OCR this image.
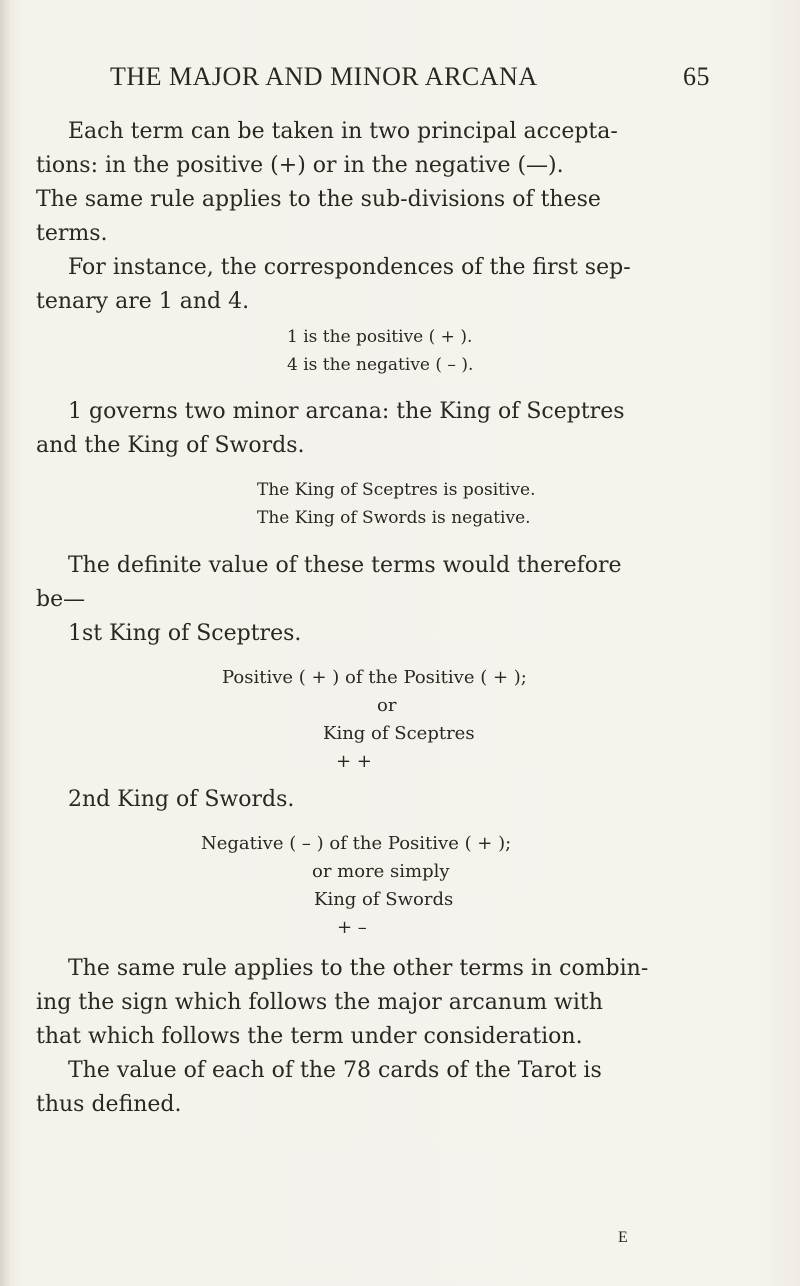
THE MAJOR AND MINOR ARCANA	65
Each term can be taken in two principal accepta-
tions: in the positive (+) or in the negative (—).
The same rule applies to the sub-divisions of these
terms.
For instance, the correspondences of the first sep-
tenary are 1 and 4.
1 is the positive ( + ).
4 is the negative ( – ).
1 governs two minor arcana: the King of Sceptres
and the King of Swords.
The King of Sceptres is positive.
The King of Swords is negative.
The definite value of these terms would therefore
be—
1st King of Sceptres.
Positive ( + ) of the Positive ( + );
or
King of Sceptres
+ +
2nd King of Swords.
Negative ( – ) of the Positive ( + );
or more simply
King of Swords
+ –
The same rule applies to the other terms in combin-
ing the sign which follows the major arcanum with
that which follows the term under consideration.
The value of each of the 78 cards of the Tarot is
thus defined.
E
